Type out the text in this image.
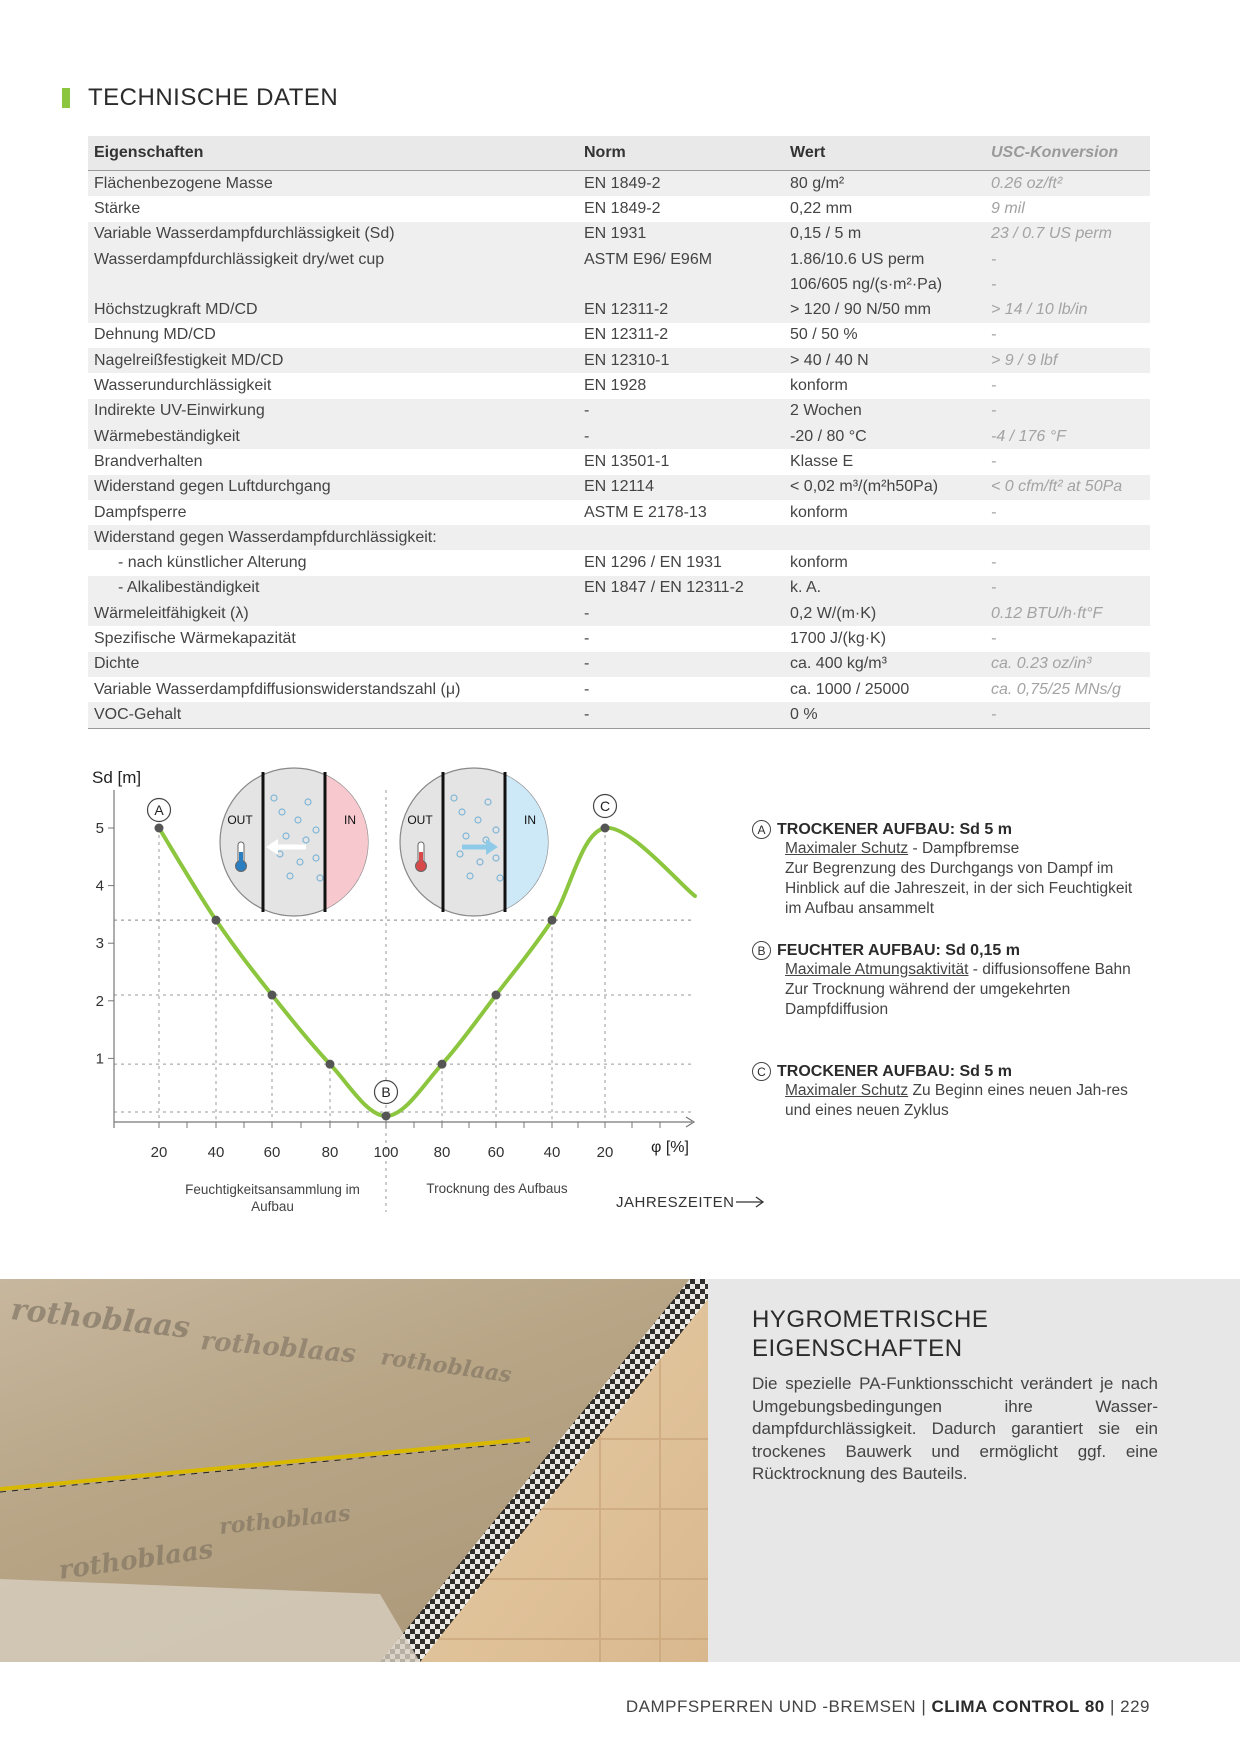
TECHNISCHE DATEN
Eigenschaften	Norm	Wert	USC-Konversion
Flächenbezogene Masse	EN 1849-2	80 g/m²	0.26 oz/ft²
Stärke	EN 1849-2	0,22 mm	9 mil
Variable Wasserdampfdurchlässigkeit (Sd)	EN 1931	0,15 / 5 m	23 / 0.7 US perm
Wasserdampfdurchlässigkeit dry/wet cup	ASTM E96/ E96M	1.86/10.6 US perm	-
		106/605 ng/(s·m²·Pa)	-
Höchstzugkraft MD/CD	EN 12311-2	> 120 / 90 N/50 mm	> 14 / 10 lb/in
Dehnung MD/CD	EN 12311-2	50 / 50 %	-
Nagelreißfestigkeit MD/CD	EN 12310-1	> 40 / 40 N	> 9 / 9 lbf
Wasserundurchlässigkeit	EN 1928	konform	-
Indirekte UV-Einwirkung	-	2 Wochen	-
Wärmebeständigkeit	-	-20 / 80 °C	-4 / 176 °F
Brandverhalten	EN 13501-1	Klasse E	-
Widerstand gegen Luftdurchgang	EN 12114	< 0,02 m³/(m²h50Pa)	< 0 cfm/ft² at 50Pa
Dampfsperre	ASTM E 2178-13	konform	-
Widerstand gegen Wasserdampfdurchlässigkeit:			
- nach künstlicher Alterung	EN 1296 / EN 1931	konform	-
- Alkalibeständigkeit	EN 1847 / EN 12311-2	k. A.	-
Wärmeleitfähigkeit (λ)	-	0,2 W/(m·K)	0.12 BTU/h·ft°F
Spezifische Wärmekapazität	-	1700 J/(kg·K)	-
Dichte	-	ca. 400 kg/m³	ca. 0.23 oz/in³
Variable Wasserdampfdiffusionswiderstandszahl (μ)	-	ca. 1000 / 25000	ca. 0,75/25 MNs/g
VOC-Gehalt	-	0 %	-
1
2
3
4
5
20	40	60	80 100 80 60	40 20
Sd [m]
φ [%]
OUT	IN	OUT	IN
Feuchtigkeitsansammlung im Aufbau
Trocknung des Aufbaus
JAHRESZEITEN
A
B
C
A TROCKENER AUFBAU: Sd 5 m
Maximaler Schutz - Dampfbremse
Zur Begrenzung des Durchgangs von Dampf im Hinblick auf die Jahreszeit, in der sich Feuchtigkeit im Aufbau ansammelt
B FEUCHTER AUFBAU: Sd 0,15 m
Maximale Atmungsaktivität - diffusionsoffene Bahn
Zur Trocknung während der umgekehrten Dampfdiffusion
C TROCKENER AUFBAU: Sd 5 m
Maximaler Schutz Zu Beginn eines neuen Jah-res und eines neuen Zyklus
rothoblaas
rothoblaas rothoblaas
rothoblaas
rothoblaas
HYGROMETRISCHE EIGENSCHAFTEN

Die spezielle PA-Funktionsschicht verändert je nach Umgebungsbedingungen ihre Wasser-dampfdurchlässigkeit. Dadurch garantiert sie ein trockenes Bauwerk und ermöglicht ggf. eine Rücktrocknung des Bauteils.

DAMPFSPERREN UND -BREMSEN | CLIMA CONTROL 80 | 229
